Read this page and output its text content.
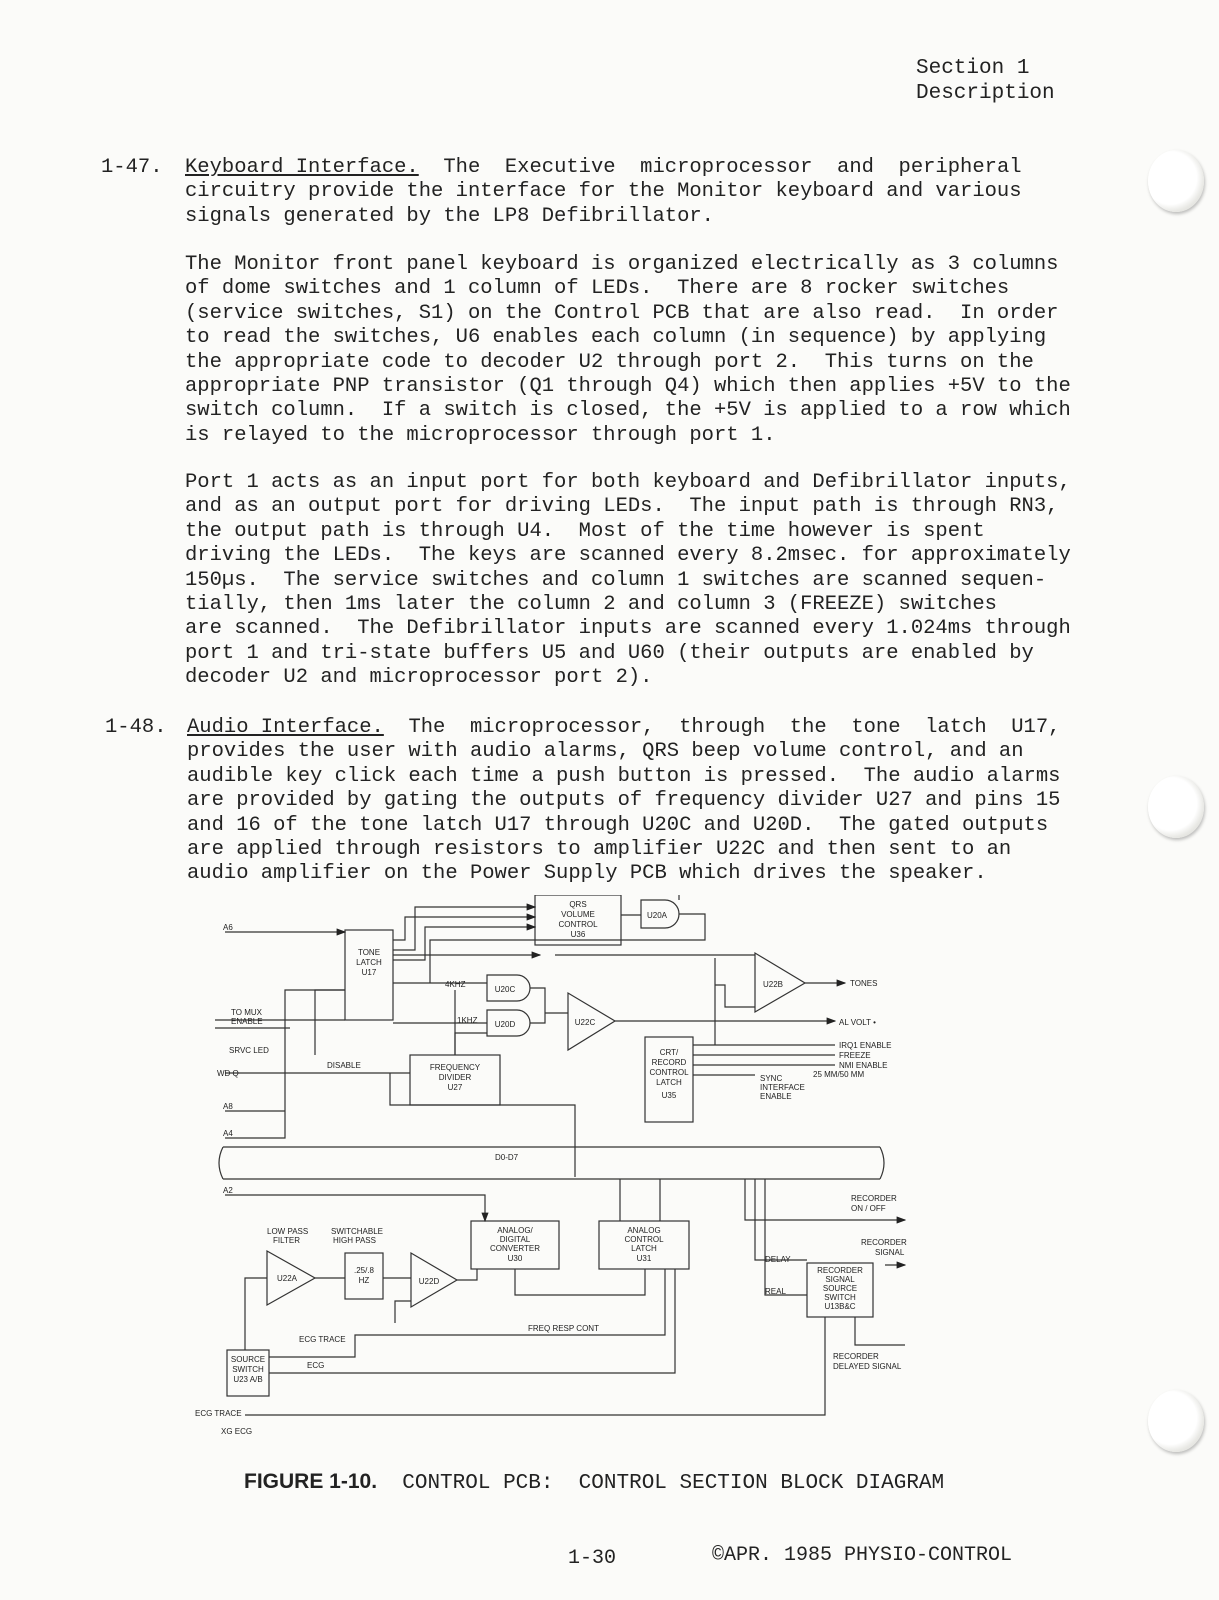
Section 1
Description
1-47. Keyboard Interface.  The  Executive  microprocessor  and  peripheral
circuitry provide the interface for the Monitor keyboard and various
signals generated by the LP8 Defibrillator.
The Monitor front panel keyboard is organized electrically as 3 columns
of dome switches and 1 column of LEDs.  There are 8 rocker switches
(service switches, S1) on the Control PCB that are also read.  In order
to read the switches, U6 enables each column (in sequence) by applying
the appropriate code to decoder U2 through port 2.  This turns on the
appropriate PNP transistor (Q1 through Q4) which then applies +5V to the
switch column.  If a switch is closed, the +5V is applied to a row which
is relayed to the microprocessor through port 1.
Port 1 acts as an input port for both keyboard and Defibrillator inputs,
and as an output port for driving LEDs.  The input path is through RN3,
the output path is through U4.  Most of the time however is spent
driving the LEDs.  The keys are scanned every 8.2msec. for approximately
150µs.  The service switches and column 1 switches are scanned sequen-
tially, then 1ms later the column 2 and column 3 (FREEZE) switches
are scanned.  The Defibrillator inputs are scanned every 1.024ms through
port 1 and tri-state buffers U5 and U60 (their outputs are enabled by
decoder U2 and microprocessor port 2).
1-48. Audio Interface.  The  microprocessor,  through  the  tone  latch  U17,
provides the user with audio alarms, QRS beep volume control, and an
audible key click each time a push button is pressed.  The audio alarms
are provided by gating the outputs of frequency divider U27 and pins 15
and 16 of the tone latch U17 through U20C and U20D.  The gated outputs
are applied through resistors to amplifier U22C and then sent to an
audio amplifier on the Power Supply PCB which drives the speaker.
QRS
VOLUME
CONTROL
U36
U20A
TONE
LATCH
U17
U20C
U20D	U22C
U22B
FREQUENCY
DIVIDER
U27
CRT/
RECORD
CONTROL
LATCH
U35
ANALOG/
DIGITAL
CONVERTER
U30
ANALOG
CONTROL
LATCH
U31
U22A
.25/.8
HZ	U22D
SOURCE
SWITCH
U23 A/B
RECORDER
SIGNAL
SOURCE
SWITCH
U13B&C
A6
TONES
TO MUX
ENABLE
SRVC LED
WD Q
DISABLE
4KHZ
1KHZ	AL VOLT •
IRQ1 ENABLE
FREEZE
NMI ENABLE
25 MM/50 MM
SYNC
INTERFACE
ENABLE
A8
A4
D0-D7
A2
RECORDER
ON / OFF
RECORDER
SIGNAL
LOW PASS
FILTER
SWITCHABLE
HIGH PASS
DELAY
REAL
ECG TRACE
ECG
FREQ RESP CONT
RECORDER
DELAYED SIGNAL
ECG TRACE
XG ECG
FIGURE 1-10.  CONTROL PCB:  CONTROL SECTION BLOCK DIAGRAM
1-30	©APR. 1985 PHYSIO-CONTROL
